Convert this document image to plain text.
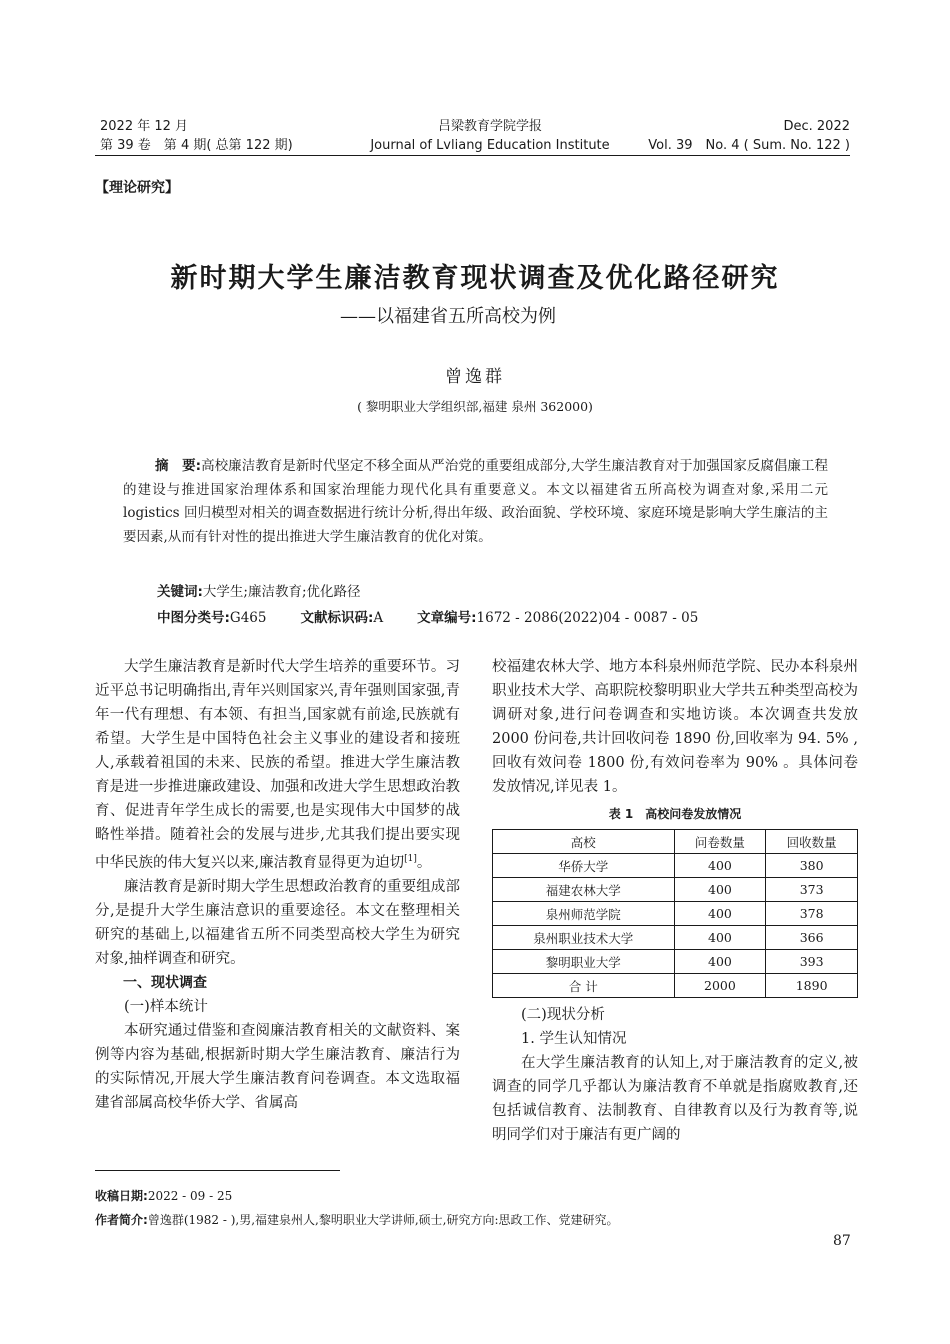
2022 年 12 月
第 39 卷　第 4 期( 总第 122 期)
吕梁教育学院学报
Journal of Lvliang Education Institute
Dec. 2022
Vol. 39　No. 4 ( Sum. No. 122 )
【理论研究】
新时期大学生廉洁教育现状调查及优化路径研究
——以福建省五所高校为例
曾逸群
( 黎明职业大学组织部,福建 泉州 362000)
摘　要:高校廉洁教育是新时代坚定不移全面从严治党的重要组成部分,大学生廉洁教育对于加强国家反腐倡廉工程的建设与推进国家治理体系和国家治理能力现代化具有重要意义。本文以福建省五所高校为调查对象,采用二元 logistics 回归模型对相关的调查数据进行统计分析,得出年级、政治面貌、学校环境、家庭环境是影响大学生廉洁的主要因素,从而有针对性的提出推进大学生廉洁教育的优化对策。
关键词:大学生;廉洁教育;优化路径
中图分类号:G465	文献标识码:A	文章编号:1672 - 2086(2022)04 - 0087 - 05

大学生廉洁教育是新时代大学生培养的重要环节。习近平总书记明确指出,青年兴则国家兴,青年强则国家强,青年一代有理想、有本领、有担当,国家就有前途,民族就有希望。大学生是中国特色社会主义事业的建设者和接班人,承载着祖国的未来、民族的希望。推进大学生廉洁教育是进一步推进廉政建设、加强和改进大学生思想政治教育、促进青年学生成长的需要,也是实现伟大中国梦的战略性举措。随着社会的发展与进步,尤其我们提出要实现中华民族的伟大复兴以来,廉洁教育显得更为迫切[1]。

廉洁教育是新时期大学生思想政治教育的重要组成部分,是提升大学生廉洁意识的重要途径。本文在整理相关研究的基础上,以福建省五所不同类型高校大学生为研究对象,抽样调查和研究。

一、现状调查
(一)样本统计

本研究通过借鉴和查阅廉洁教育相关的文献资料、案例等内容为基础,根据新时期大学生廉洁教育、廉洁行为的实际情况,开展大学生廉洁教育问卷调查。本文选取福建省部属高校华侨大学、省属高

校福建农林大学、地方本科泉州师范学院、民办本科泉州职业技术大学、高职院校黎明职业大学共五种类型高校为调研对象,进行问卷调查和实地访谈。本次调查共发放 2000 份问卷,共计回收问卷 1890 份,回收率为 94. 5% ,回收有效问卷 1800 份,有效问卷率为 90% 。具体问卷发放情况,详见表 1。

表 1　高校问卷发放情况
高校	问卷数量	回收数量
华侨大学	400	380
福建农林大学	400	373
泉州师范学院	400	378
泉州职业技术大学	400	366
黎明职业大学	400	393
合 计	2000	1890
(二)现状分析
1. 学生认知情况

在大学生廉洁教育的认知上,对于廉洁教育的定义,被调查的同学几乎都认为廉洁教育不单就是指腐败教育,还包括诚信教育、法制教育、自律教育以及行为教育等,说明同学们对于廉洁有更广阔的

收稿日期:2022 - 09 - 25
作者简介:曾逸群(1982 - ),男,福建泉州人,黎明职业大学讲师,硕士,研究方向:思政工作、党建研究。
87
